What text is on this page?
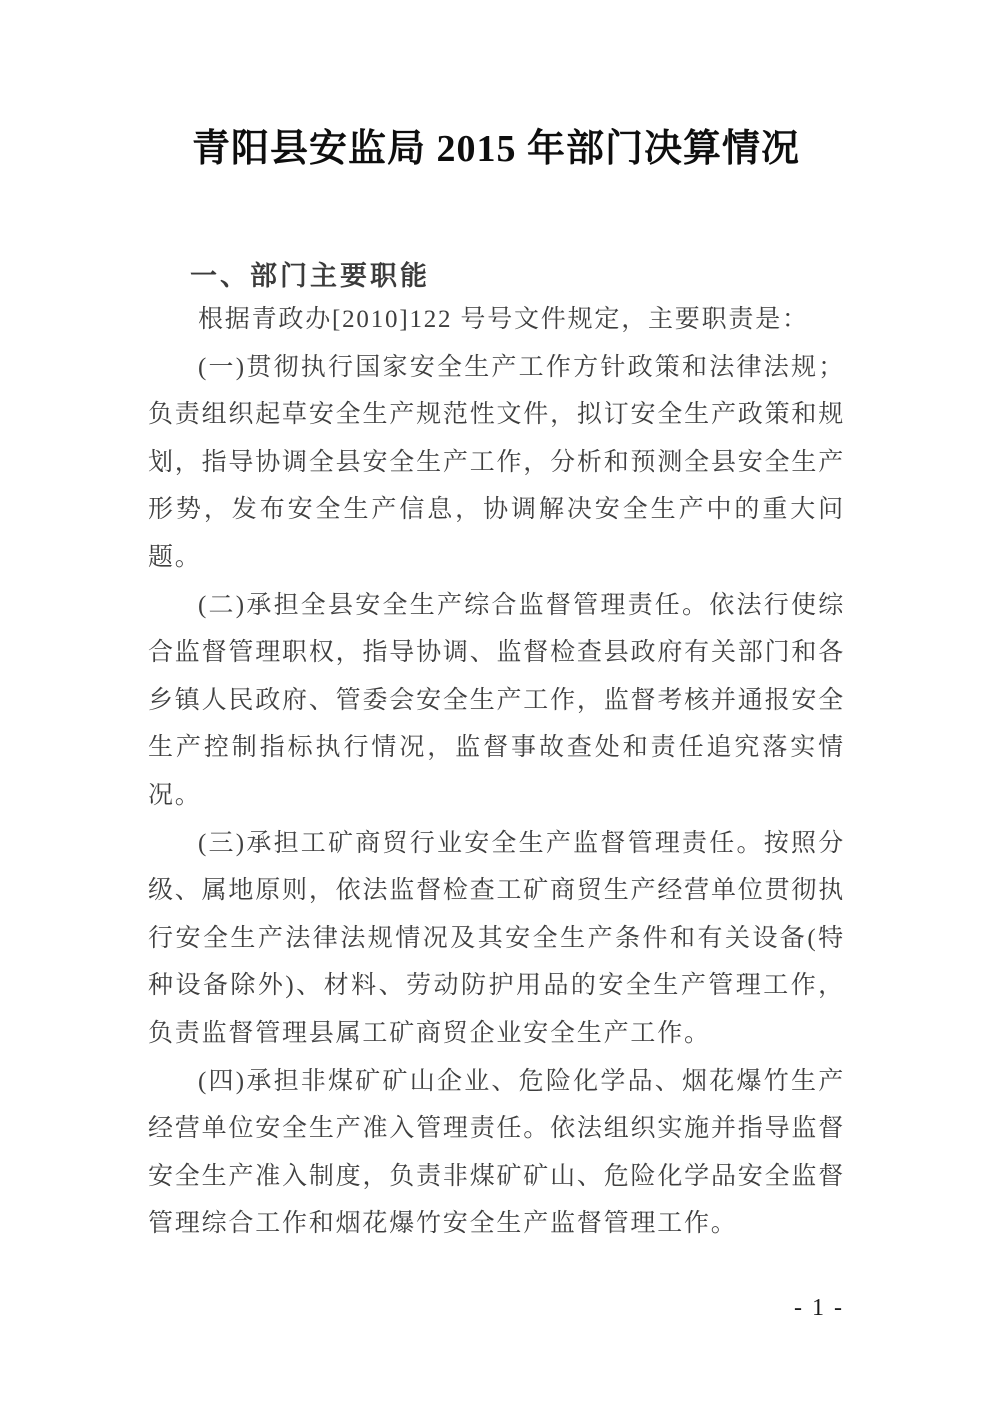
青阳县安监局 2015 年部门决算情况
一、部门主要职能

根据青政办[2010]122 号号文件规定，主要职责是：

(一)贯彻执行国家安全生产工作方针政策和法律法规；负责组织起草安全生产规范性文件，拟订安全生产政策和规划，指导协调全县安全生产工作，分析和预测全县安全生产形势，发布安全生产信息，协调解决安全生产中的重大问题。

(二)承担全县安全生产综合监督管理责任。依法行使综合监督管理职权，指导协调、监督检查县政府有关部门和各乡镇人民政府、管委会安全生产工作，监督考核并通报安全生产控制指标执行情况，监督事故查处和责任追究落实情况。

(三)承担工矿商贸行业安全生产监督管理责任。按照分级、属地原则，依法监督检查工矿商贸生产经营单位贯彻执行安全生产法律法规情况及其安全生产条件和有关设备(特种设备除外)、材料、劳动防护用品的安全生产管理工作，负责监督管理县属工矿商贸企业安全生产工作。

(四)承担非煤矿矿山企业、危险化学品、烟花爆竹生产经营单位安全生产准入管理责任。依法组织实施并指导监督安全生产准入制度，负责非煤矿矿山、危险化学品安全监督管理综合工作和烟花爆竹安全生产监督管理工作。

- 1 -
